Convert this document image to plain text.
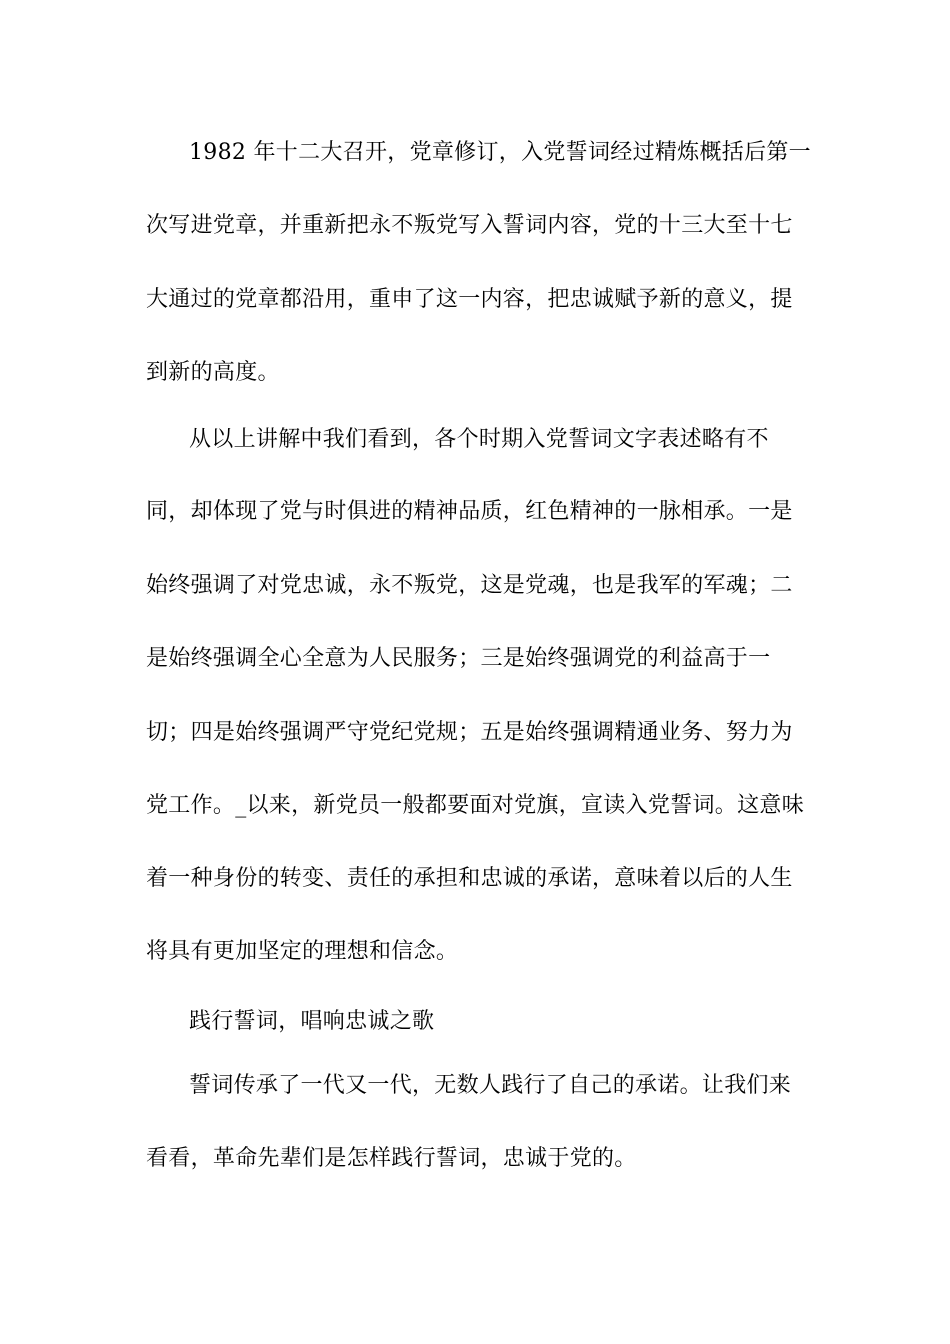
1982 年十二大召开，党章修订，入党誓词经过精炼概括后第一
次写进党章，并重新把永不叛党写入誓词内容，党的十三大至十七
大通过的党章都沿用，重申了这一内容，把忠诚赋予新的意义，提
到新的高度。
从以上讲解中我们看到，各个时期入党誓词文字表述略有不
同，却体现了党与时俱进的精神品质，红色精神的一脉相承。一是
始终强调了对党忠诚，永不叛党，这是党魂，也是我军的军魂；二
是始终强调全心全意为人民服务；三是始终强调党的利益高于一
切；四是始终强调严守党纪党规；五是始终强调精通业务、努力为
党工作。_以来，新党员一般都要面对党旗，宣读入党誓词。这意味
着一种身份的转变、责任的承担和忠诚的承诺，意味着以后的人生
将具有更加坚定的理想和信念。
践行誓词，唱响忠诚之歌
誓词传承了一代又一代，无数人践行了自己的承诺。让我们来
看看，革命先辈们是怎样践行誓词，忠诚于党的。
